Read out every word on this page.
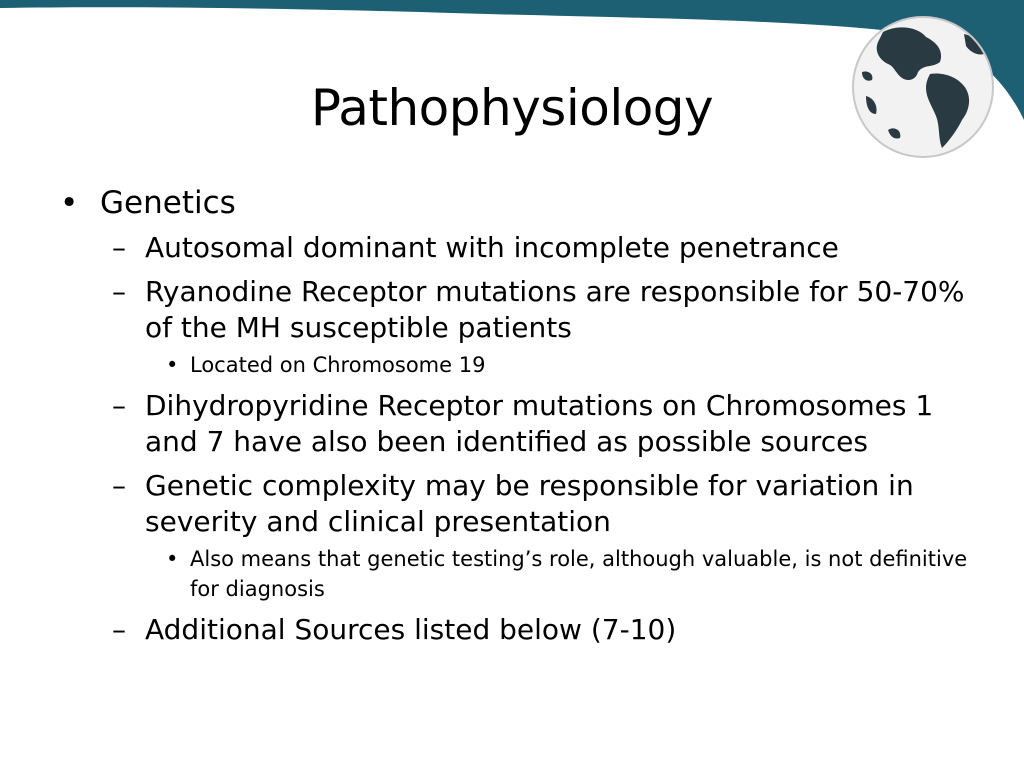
Pathophysiology
• Genetics
– Autosomal dominant with incomplete penetrance
– Ryanodine Receptor mutations are responsible for 50-70% of the MH susceptible patients
• Located on Chromosome 19
– Dihydropyridine Receptor mutations on Chromosomes 1 and 7 have also been identified as possible sources
– Genetic complexity may be responsible for variation in severity and clinical presentation
• Also means that genetic testing’s role, although valuable, is not definitive for diagnosis
– Additional Sources listed below (7-10)
